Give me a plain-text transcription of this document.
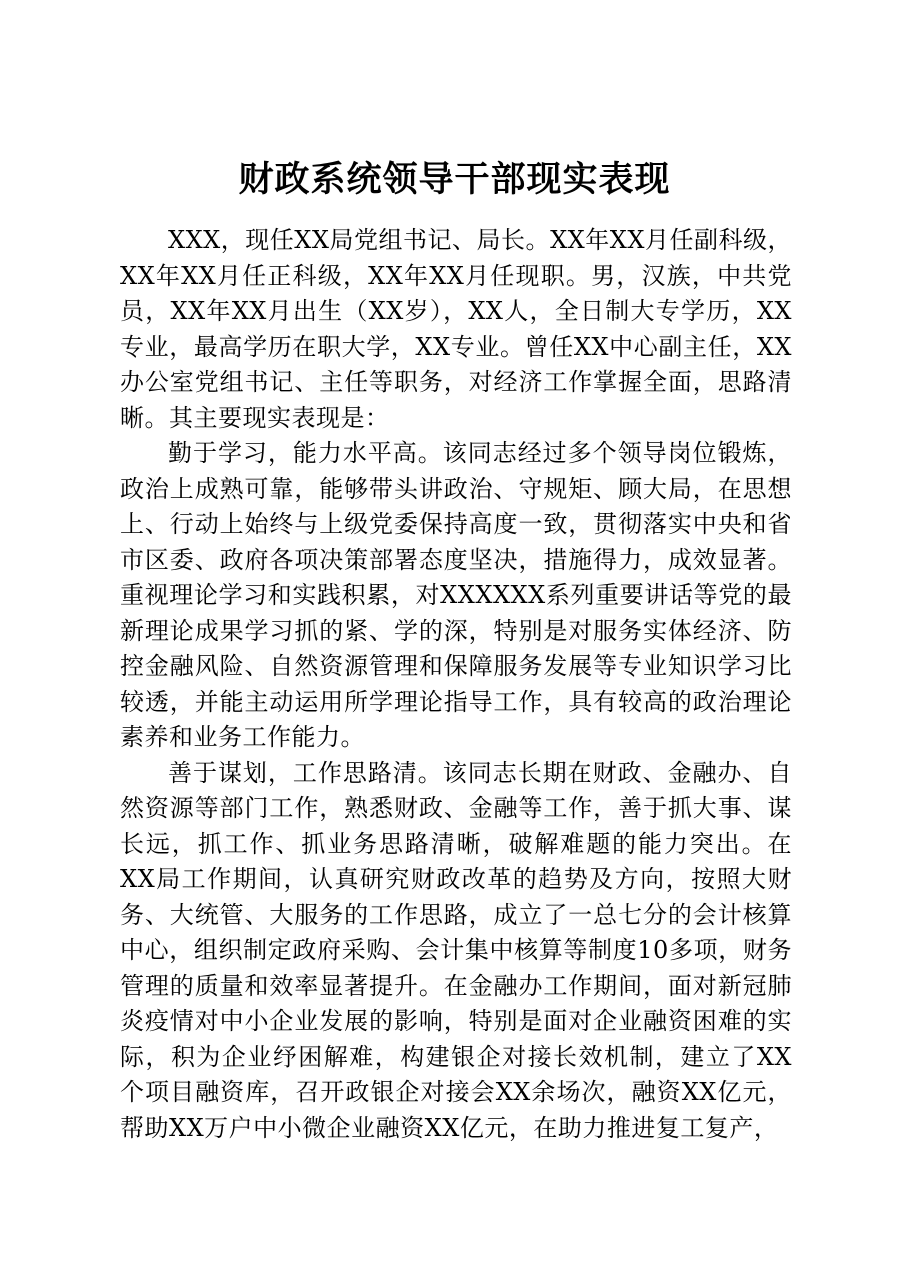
财政系统领导干部现实表现

XXX，现任XX局党组书记、局长。XX年XX月任副科级，XX年XX月任正科级，XX年XX月任现职。男，汉族，中共党员，XX年XX月出生（XX岁），XX人，全日制大专学历，XX专业，最高学历在职大学，XX专业。曾任XX中心副主任，XX办公室党组书记、主任等职务，对经济工作掌握全面，思路清晰。其主要现实表现是：

勤于学习，能力水平高。该同志经过多个领导岗位锻炼，政治上成熟可靠，能够带头讲政治、守规矩、顾大局，在思想上、行动上始终与上级党委保持高度一致，贯彻落实中央和省市区委、政府各项决策部署态度坚决，措施得力，成效显著。重视理论学习和实践积累，对XXXXXX系列重要讲话等党的最新理论成果学习抓的紧、学的深，特别是对服务实体经济、防控金融风险、自然资源管理和保障服务发展等专业知识学习比较透，并能主动运用所学理论指导工作，具有较高的政治理论素养和业务工作能力。

善于谋划，工作思路清。该同志长期在财政、金融办、自然资源等部门工作，熟悉财政、金融等工作，善于抓大事、谋长远，抓工作、抓业务思路清晰，破解难题的能力突出。在XX局工作期间，认真研究财政改革的趋势及方向，按照大财务、大统管、大服务的工作思路，成立了一总七分的会计核算中心，组织制定政府采购、会计集中核算等制度10多项，财务管理的质量和效率显著提升。在金融办工作期间，面对新冠肺炎疫情对中小企业发展的影响，特别是面对企业融资困难的实际，积为企业纾困解难，构建银企对接长效机制，建立了XX个项目融资库，召开政银企对接会XX余场次，融资XX亿元，帮助XX万户中小微企业融资XX亿元，在助力推进复工复产，
